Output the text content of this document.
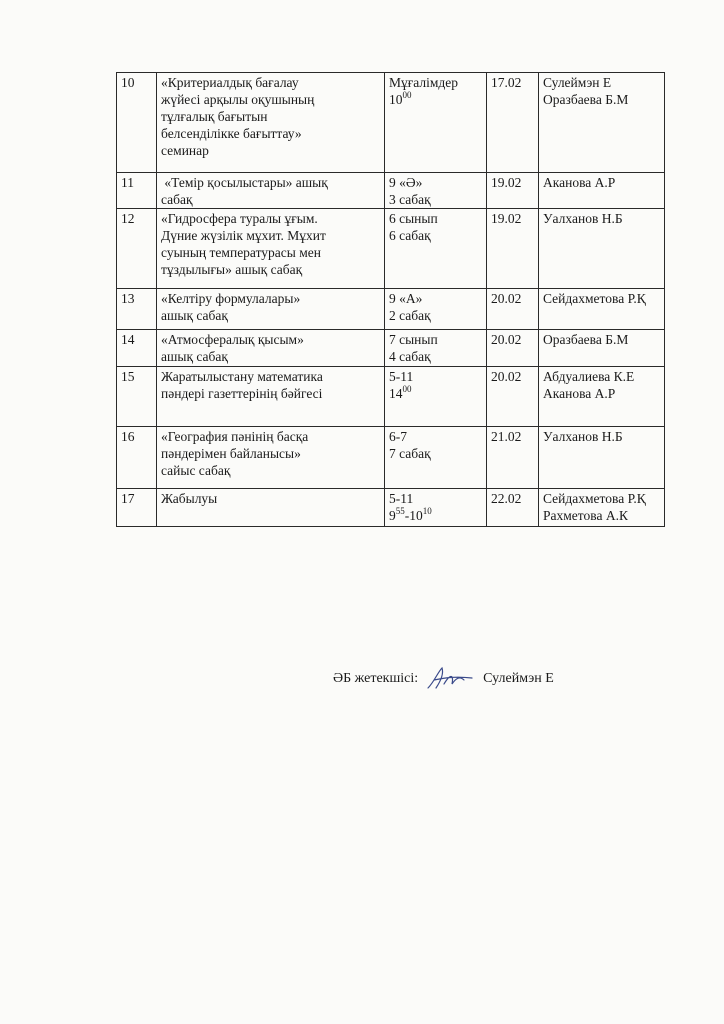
10	«Критериалдық бағалау
жүйесі арқылы оқушының
тұлғалық бағытын
белсенділікке бағыттау»
семинар	Мұғалімдер
$10^{00}$	17.02	Сулеймэн Е
Оразбаева Б.М

11	«Темір қосылыстары» ашық
сабақ	9 «Ә»
3 сабақ	19.02	Аканова А.Р

12	«Гидросфера туралы ұғым.
Дүние жүзілік мұхит. Мұхит
суының температурасы мен
тұздылығы» ашық сабақ	6 сынып
6 сабақ	19.02	Уалханов Н.Б

13	«Келтіру формулалары»
ашық сабақ	9 «А»
2 сабақ	20.02	Сейдахметова Р.Қ

14	«Атмосфералық қысым»
ашық сабақ	7 сынып
4 сабақ	20.02	Оразбаева Б.М

15	Жаратылыстану математика
пәндері газеттерінің бәйгесі	5-11
$14^{00}$	20.02	Абдуалиева К.Е
Аканова А.Р

16	«География пәнінің басқа
пәндерімен байланысы»
сайыс сабақ	6-7
7 сабақ	21.02	Уалханов Н.Б

17	Жабылуы	5-11
$9^{55}-10^{10}$	22.02	Сейдахметова Р.Қ
Рахметова А.К
ӘБ жетекшісі:	Сулеймэн Е
